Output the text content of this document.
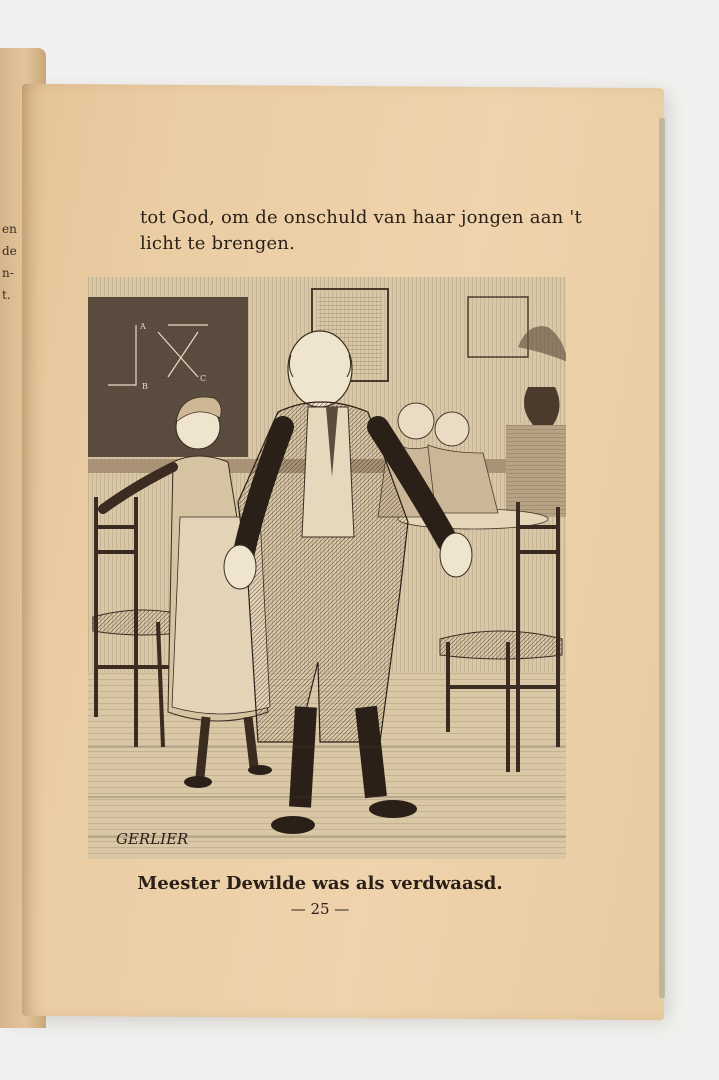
en
de
n-
t.
tot God, om de onschuld van haar jongen aan 't
licht te brengen.
A
B
C
GERLIER
Meester Dewilde was als verdwaasd.
— 25 —
